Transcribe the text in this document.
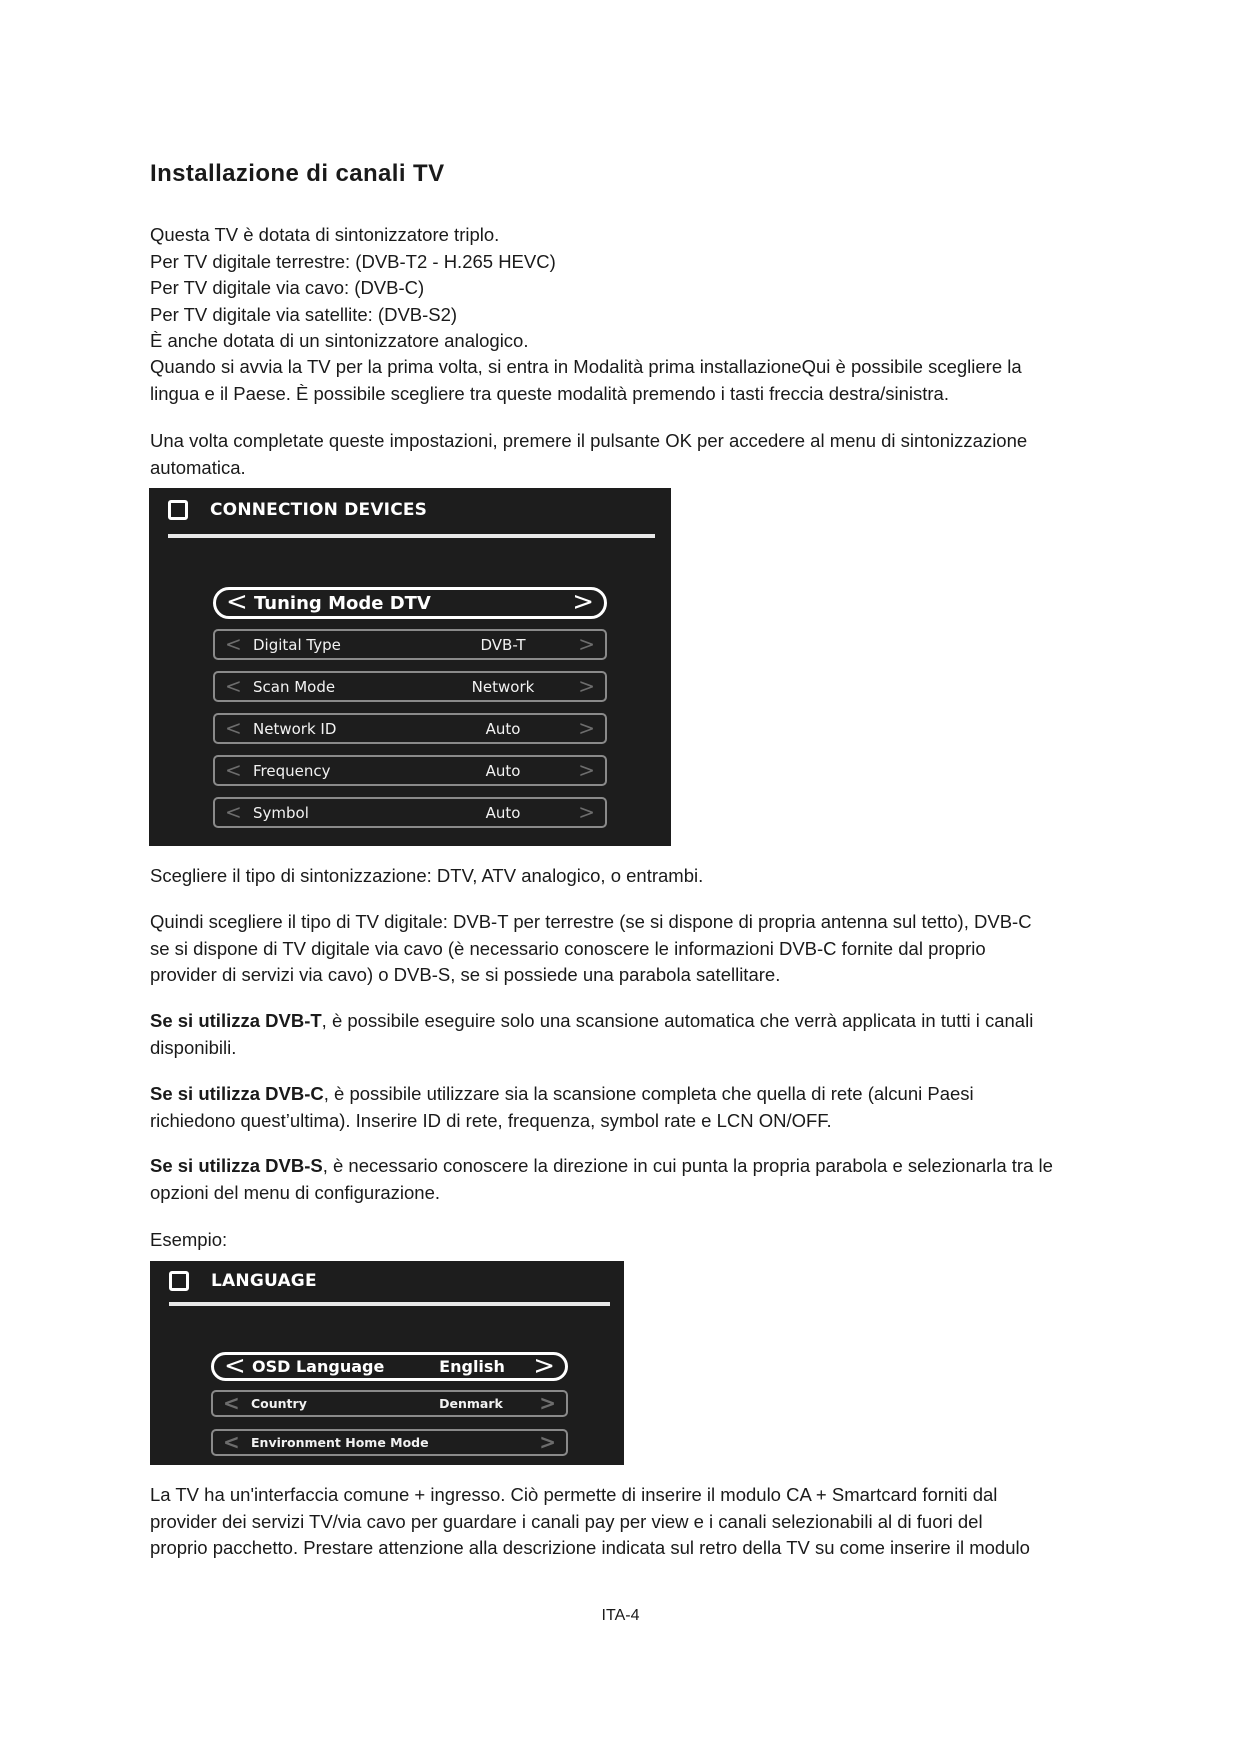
Installazione di canali TV
Questa TV è dotata di sintonizzatore triplo.
Per TV digitale terrestre: (DVB-T2 - H.265 HEVC)
Per TV digitale via cavo: (DVB-C)
Per TV digitale via satellite: (DVB-S2)
È anche dotata di un sintonizzatore analogico.
Quando si avvia la TV per la prima volta, si entra in Modalità prima installazioneQui è possibile scegliere la
lingua e il Paese. È possibile scegliere tra queste modalità premendo i tasti freccia destra/sinistra.
Una volta completate queste impostazioni, premere il pulsante OK per accedere al menu di sintonizzazione
automatica.
CONNECTION DEVICES
< Tuning Mode DTV	>
< Digital Type	DVB-T	>
< Scan Mode	Network >
< Network ID	Auto	>
< Frequency	Auto	>
< Symbol	Auto	>
Scegliere il tipo di sintonizzazione: DTV, ATV analogico, o entrambi.
Quindi scegliere il tipo di TV digitale: DVB-T per terrestre (se si dispone di propria antenna sul tetto), DVB-C
se si dispone di TV digitale via cavo (è necessario conoscere le informazioni DVB-C fornite dal proprio
provider di servizi via cavo) o DVB-S, se si possiede una parabola satellitare.
Se si utilizza DVB-T, è possibile eseguire solo una scansione automatica che verrà applicata in tutti i canali
disponibili.
Se si utilizza DVB-C, è possibile utilizzare sia la scansione completa che quella di rete (alcuni Paesi
richiedono quest’ultima). Inserire ID di rete, frequenza, symbol rate e LCN ON/OFF.
Se si utilizza DVB-S, è necessario conoscere la direzione in cui punta la propria parabola e selezionarla tra le
opzioni del menu di configurazione.
Esempio:
LANGUAGE
< OSD Language	English >
< Country	Denmark >
< Environment Home Mode	>
La TV ha un'interfaccia comune + ingresso. Ciò permette di inserire il modulo CA + Smartcard forniti dal
provider dei servizi TV/via cavo per guardare i canali pay per view e i canali selezionabili al di fuori del
proprio pacchetto. Prestare attenzione alla descrizione indicata sul retro della TV su come inserire il modulo
ITA-4
